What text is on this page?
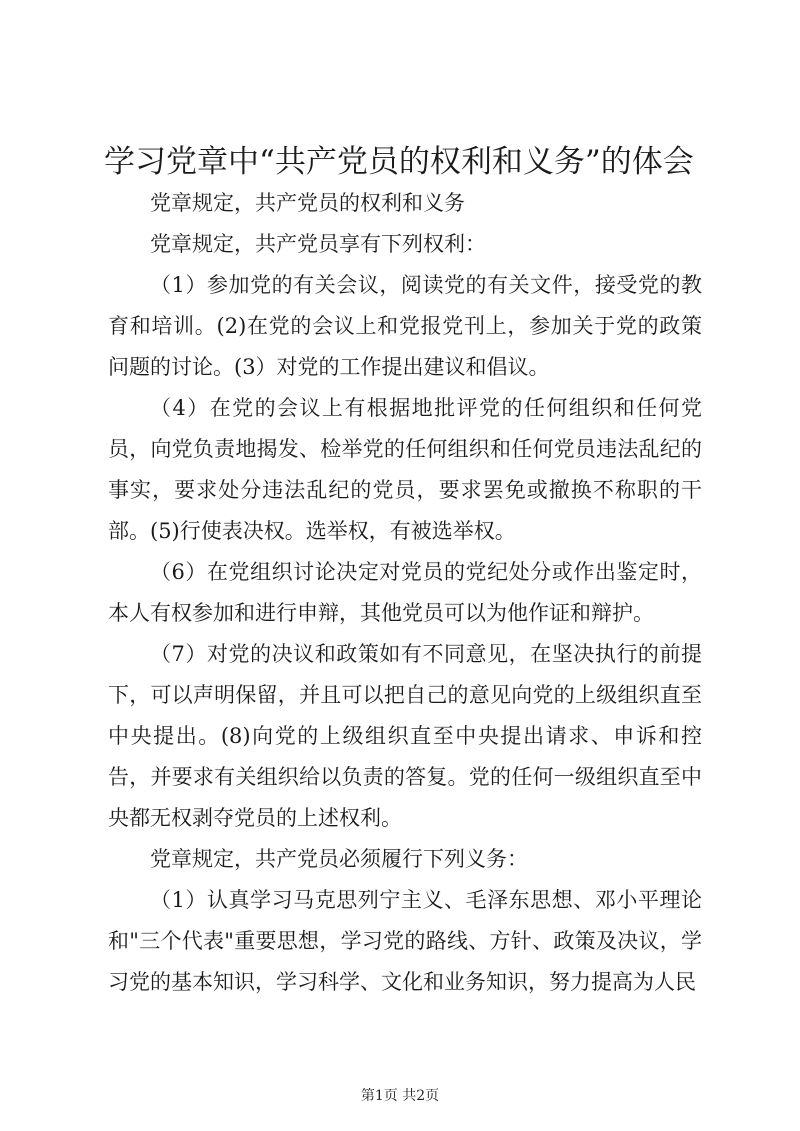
学习党章中“共产党员的权利和义务”的体会

党章规定，共产党员的权利和义务

党章规定，共产党员享有下列权利：

（1）参加党的有关会议，阅读党的有关文件，接受党的教育和培训。(2)在党的会议上和党报党刊上，参加关于党的政策问题的讨论。(3）对党的工作提出建议和倡议。

（4）在党的会议上有根据地批评党的任何组织和任何党员，向党负责地揭发、检举党的任何组织和任何党员违法乱纪的事实，要求处分违法乱纪的党员，要求罢免或撤换不称职的干部。(5)行使表决权。选举权，有被选举权。

（6）在党组织讨论决定对党员的党纪处分或作出鉴定时，本人有权参加和进行申辩，其他党员可以为他作证和辩护。

（7）对党的决议和政策如有不同意见，在坚决执行的前提下，可以声明保留，并且可以把自己的意见向党的上级组织直至中央提出。(8)向党的上级组织直至中央提出请求、申诉和控告，并要求有关组织给以负责的答复。党的任何一级组织直至中央都无权剥夺党员的上述权利。

党章规定，共产党员必须履行下列义务：

（1）认真学习马克思列宁主义、毛泽东思想、邓小平理论和"三个代表"重要思想，学习党的路线、方针、政策及决议，学习党的基本知识，学习科学、文化和业务知识，努力提高为人民

第1页 共2页
